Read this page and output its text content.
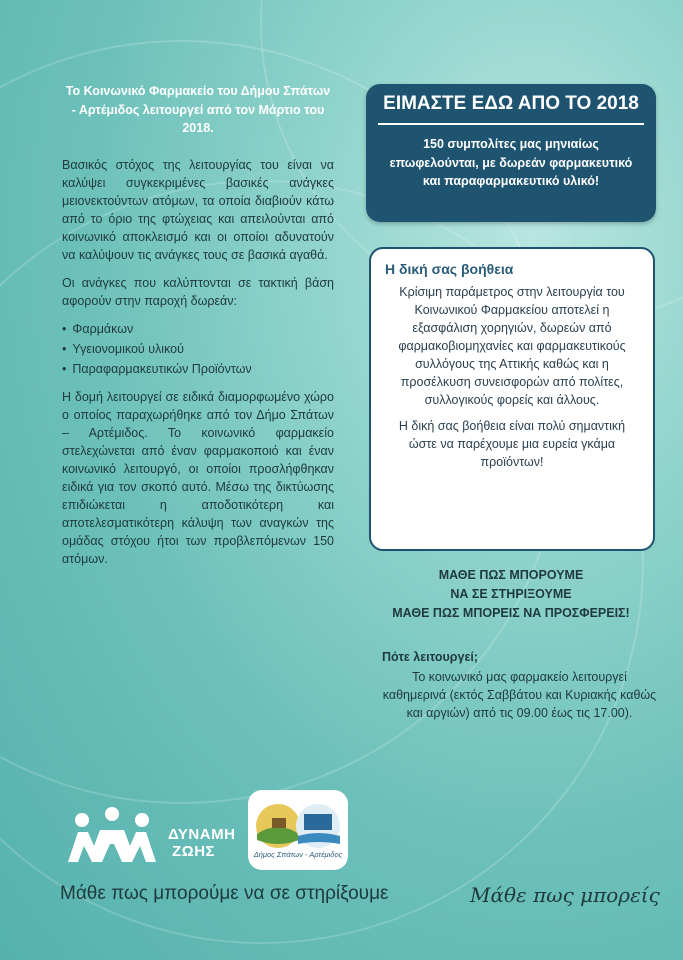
Το Κοινωνικό Φαρμακείο του Δήμου Σπάτων - Αρτέμιδος λειτουργεί από τον Μάρτιο του 2018.

Βασικός στόχος της λειτουργίας του είναι να καλύψει συγκεκριμένες βασικές ανάγκες μειονεκτούντων ατόμων, τα οποία διαβιούν κάτω από το όριο της φτώχειας και απειλούνται από κοινωνικό αποκλεισμό και οι οποίοι αδυνατούν να καλύψουν τις ανάγκες τους σε βασικά αγαθά.

Οι ανάγκες που καλύπτονται σε τακτική βάση αφορούν στην παροχή δωρεάν:

• Φαρμάκων
• Υγειονομικού υλικού
• Παραφαρμακευτικών Προϊόντων

Η δομή λειτουργεί σε ειδικά διαμορφωμένο χώρο ο οποίος παραχωρήθηκε από τον Δήμο Σπάτων – Αρτέμιδος. Το κοινωνικό φαρμακείο στελεχώνεται από έναν φαρμακοποιό και έναν κοινωνικό λειτουργό, οι οποίοι προσλήφθηκαν ειδικά για τον σκοπό αυτό. Μέσω της δικτύωσης επιδιώκεται η αποδοτικότερη και αποτελεσματικότερη κάλυψη των αναγκών της ομάδας στόχου ήτοι των προβλεπόμενων 150 ατόμων.

ΕΙΜΑΣΤΕ ΕΔΩ ΑΠΟ ΤΟ 2018
150 συμπολίτες μας μηνιαίως επωφελούνται, με δωρεάν φαρμακευτικό και παραφαρμακευτικό υλικό!
Η δική σας βοήθεια

Κρίσιμη παράμετρος στην λειτουργία του Κοινωνικού Φαρμακείου αποτελεί η εξασφάλιση χορηγιών, δωρεών από φαρμακοβιομηχανίες και φαρμακευτικούς συλλόγους της Αττικής καθώς και η προσέλκυση συνεισφορών από πολίτες, συλλογικούς φορείς και άλλους.

Η δική σας βοήθεια είναι πολύ σημαντική ώστε να παρέχουμε μια ευρεία γκάμα προϊόντων!

ΜΑΘΕ ΠΩΣ ΜΠΟΡΟΥΜΕ
ΝΑ ΣΕ ΣΤΗΡΙΞΟΥΜΕ
ΜΑΘΕ ΠΩΣ ΜΠΟΡΕΙΣ ΝΑ ΠΡΟΣΦΕΡΕΙΣ!
Πότε λειτουργεί;
Το κοινωνικό μας φαρμακείο λειτουργεί καθημερινά (εκτός Σαββάτου και Κυριακής καθώς και αργιών) από τις 09.00 έως τις 17.00).
ΔΥΝΑΜΗ
ΖΩΗΣ	Δήμος Σπάτων - Αρτέμιδος
Μάθε πως μπορούμε να σε στηρίξουμε	Μάθε πως μπορείς
